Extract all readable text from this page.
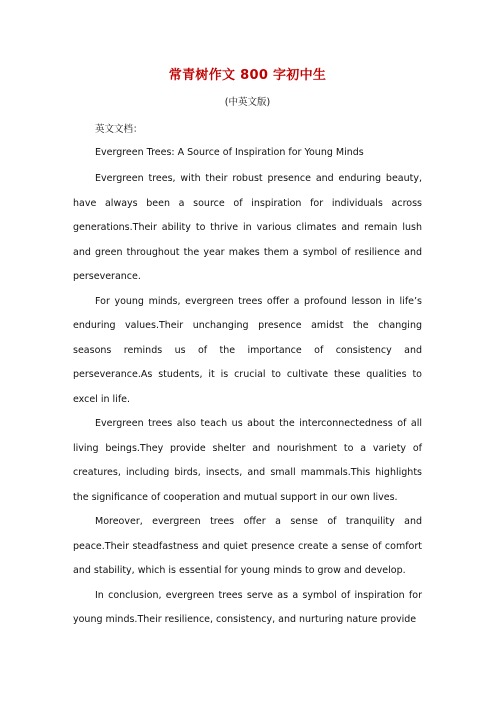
常青树作文 800 字初中生
(中英文版)
英文文档：
Evergreen Trees: A Source of Inspiration for Young Minds

Evergreen trees, with their robust presence and enduring beauty, have always been a source of inspiration for individuals across generations.Their ability to thrive in various climates and remain lush and green throughout the year makes them a symbol of resilience and perseverance.

For young minds, evergreen trees offer a profound lesson in life’s enduring values.Their unchanging presence amidst the changing seasons reminds us of the importance of consistency and perseverance.As students, it is crucial to cultivate these qualities to excel in life.

Evergreen trees also teach us about the interconnectedness of all living beings.They provide shelter and nourishment to a variety of creatures, including birds, insects, and small mammals.This highlights the significance of cooperation and mutual support in our own lives.

Moreover, evergreen trees offer a sense of tranquility and peace.Their steadfastness and quiet presence create a sense of comfort and stability, which is essential for young minds to grow and develop.

In conclusion, evergreen trees serve as a symbol of inspiration for young minds.Their resilience, consistency, and nurturing nature provide
